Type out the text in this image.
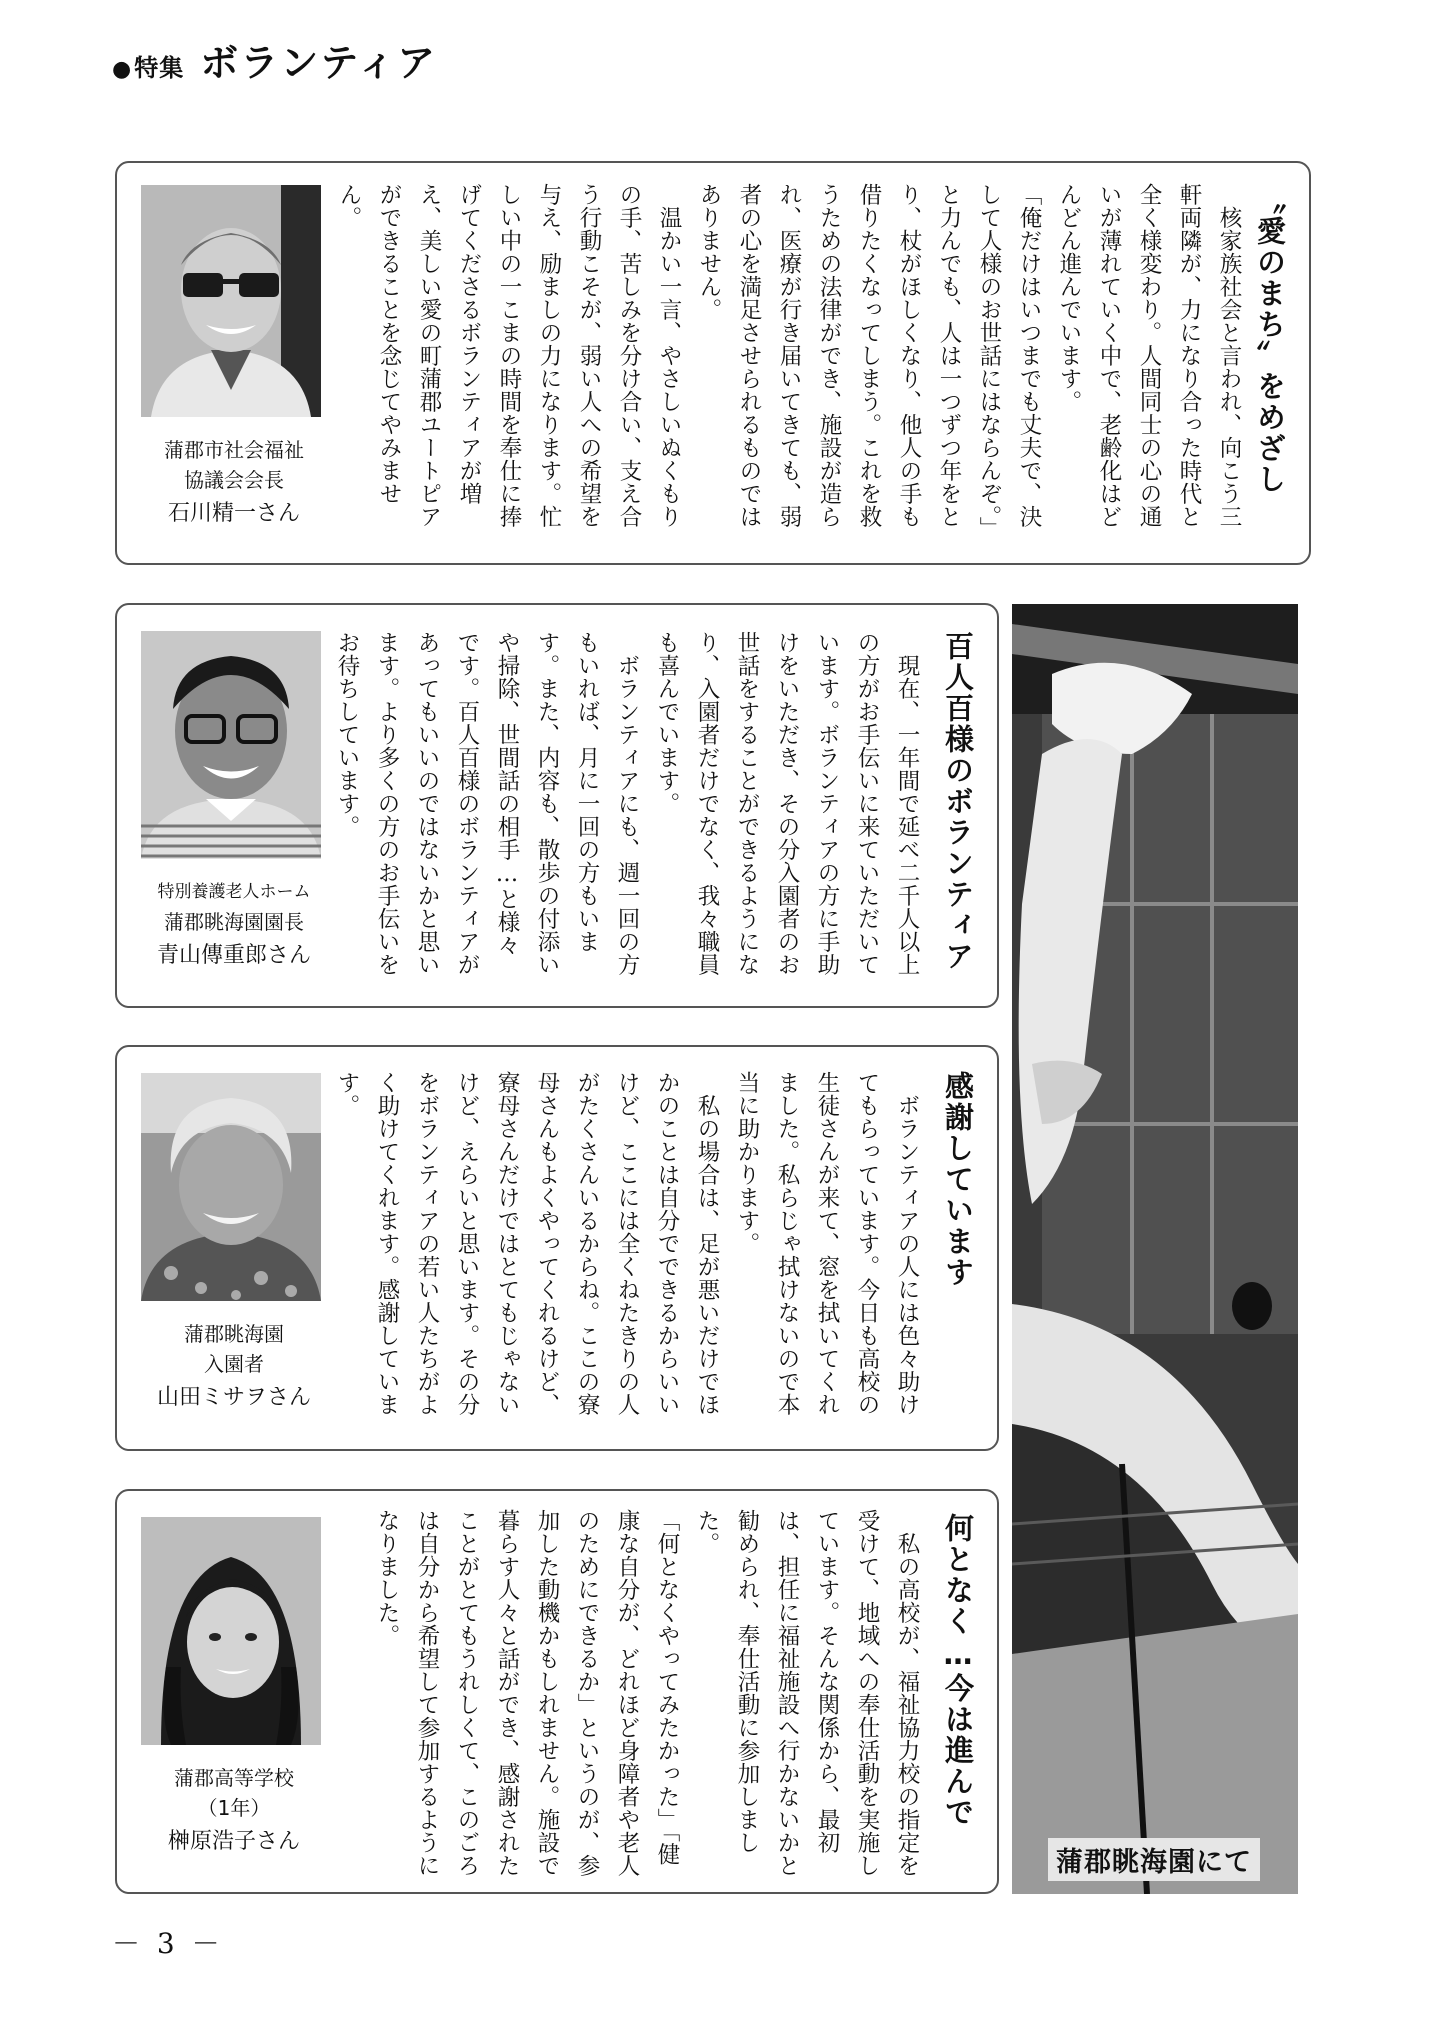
●特集 ボランティア
蒲郡市社会福祉
協議会会長
石川精一さん
〝愛のまち〟をめざし
　核家族社会と言われ、向こう三軒両隣が、力になり合った時代と全く様変わり。人間同士の心の通いが薄れていく中で、老齢化はどんどん進んでいます。
「俺だけはいつまでも丈夫で、決して人様のお世話にはならんぞ。」と力んでも、人は一つずつ年をとり、杖がほしくなり、他人の手も借りたくなってしまう。これを救うための法律ができ、施設が造られ、医療が行き届いてきても、弱者の心を満足させられるものではありません。
　温かい一言、やさしいぬくもりの手、苦しみを分け合い、支え合う行動こそが、弱い人への希望を与え、励ましの力になります。忙しい中の一こまの時間を奉仕に捧げてくださるボランティアが増え、美しい愛の町蒲郡ユートピアができることを念じてやみません。
特別養護老人ホーム
蒲郡眺海園園長
青山傳重郎さん	百人百様のボランティア
　現在、一年間で延べ二千人以上の方がお手伝いに来ていただいています。ボランティアの方に手助けをいただき、その分入園者のお世話をすることができるようになり、入園者だけでなく、我々職員も喜んでいます。
　ボランティアにも、週一回の方もいれば、月に一回の方もいます。また、内容も、散歩の付添いや掃除、世間話の相手…と様々です。百人百様のボランティアがあってもいいのではないかと思います。より多くの方のお手伝いをお待ちしています。
蒲郡眺海園
入園者
山田ミサヲさん
感謝しています
　ボランティアの人には色々助けてもらっています。今日も高校の生徒さんが来て、窓を拭いてくれました。私らじゃ拭けないので本当に助かります。
　私の場合は、足が悪いだけでほかのことは自分でできるからいいけど、ここには全くねたきりの人がたくさんいるからね。ここの寮母さんもよくやってくれるけど、寮母さんだけではとてもじゃないけど、えらいと思います。その分をボランティアの若い人たちがよく助けてくれます。感謝しています。
蒲郡高等学校
（1年）
榊原浩子さん
何となく…今は進んで
　私の高校が、福祉協力校の指定を受けて、地域への奉仕活動を実施しています。そんな関係から、最初は、担任に福祉施設へ行かないかと勧められ、奉仕活動に参加しました。
「何となくやってみたかった」「健康な自分が、どれほど身障者や老人のためにできるか」というのが、参加した動機かもしれません。施設で暮らす人々と話ができ、感謝されたことがとてもうれしくて、このごろは自分から希望して参加するようになりました。
蒲郡眺海園にて
－ 3 －
